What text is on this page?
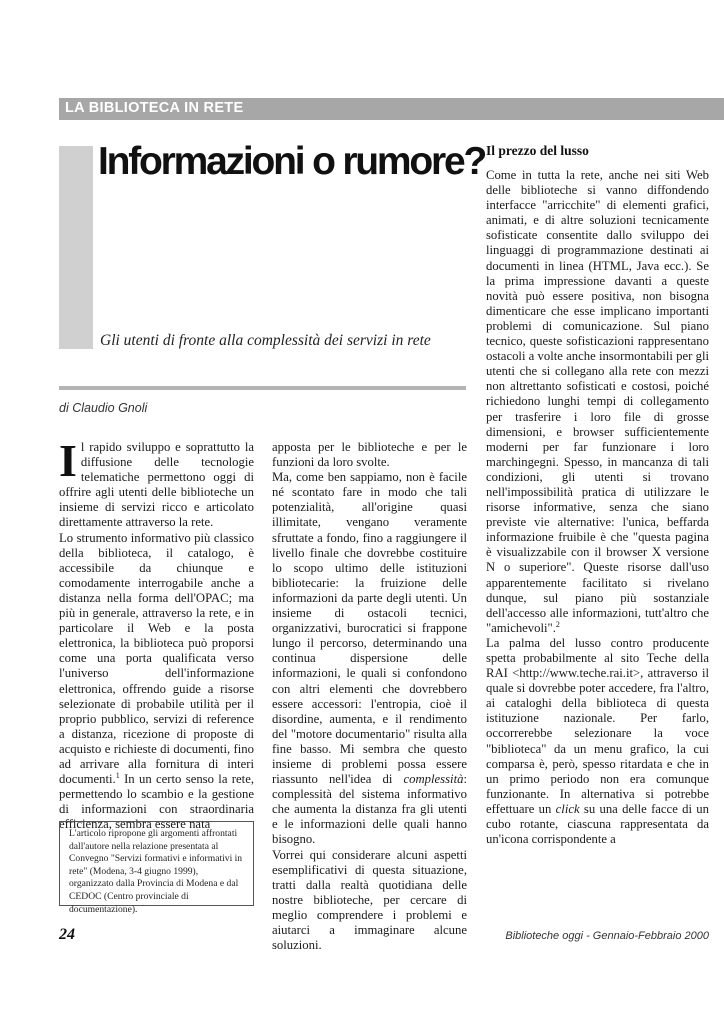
LA BIBLIOTECA IN RETE
Informazioni o rumore?
Gli utenti di fronte alla complessità dei servizi in rete
di Claudio Gnoli
Il prezzo del lusso

Il rapido sviluppo e soprattutto la diffusione delle tecnologie telematiche permettono oggi di offrire agli utenti delle biblioteche un insieme di servizi ricco e articolato direttamente attraverso la rete.

Lo strumento informativo più classico della biblioteca, il catalogo, è accessibile da chiunque e comodamente interrogabile anche a distanza nella forma dell'OPAC; ma più in generale, attraverso la rete, e in particolare il Web e la posta elettronica, la biblioteca può proporsi come una porta qualificata verso l'universo dell'informazione elettronica, offrendo guide a risorse selezionate di probabile utilità per il proprio pubblico, servizi di reference a distanza, ricezione di proposte di acquisto e richieste di documenti, fino ad arrivare alla fornitura di interi documenti.$^1$ In un certo senso la rete, permettendo lo scambio e la gestione di informazioni con straordinaria efficienza, sembra essere nata

L'articolo ripropone gli argomenti affrontati dall'autore nella relazione presentata al Convegno "Servizi formativi e informativi in rete" (Modena, 3-4 giugno 1999), organizzato dalla Provincia di Modena e dal CEDOC (Centro provinciale di documentazione).

apposta per le biblioteche e per le funzioni da loro svolte.

Ma, come ben sappiamo, non è facile né scontato fare in modo che tali potenzialità, all'origine quasi illimitate, vengano veramente sfruttate a fondo, fino a raggiungere il livello finale che dovrebbe costituire lo scopo ultimo delle istituzioni bibliotecarie: la fruizione delle informazioni da parte degli utenti. Un insieme di ostacoli tecnici, organizzativi, burocratici si frappone lungo il percorso, determinando una continua dispersione delle informazioni, le quali si confondono con altri elementi che dovrebbero essere accessori: l'entropia, cioè il disordine, aumenta, e il rendimento del "motore documentario" risulta alla fine basso. Mi sembra che questo insieme di problemi possa essere riassunto nell'idea di complessità: complessità del sistema informativo che aumenta la distanza fra gli utenti e le informazioni delle quali hanno bisogno.

Vorrei qui considerare alcuni aspetti esemplificativi di questa situazione, tratti dalla realtà quotidiana delle nostre biblioteche, per cercare di meglio comprendere i problemi e aiutarci a immaginare alcune soluzioni.

Come in tutta la rete, anche nei siti Web delle biblioteche si vanno diffondendo interfacce "arricchite" di elementi grafici, animati, e di altre soluzioni tecnicamente sofisticate consentite dallo sviluppo dei linguaggi di programmazione destinati ai documenti in linea (HTML, Java ecc.). Se la prima impressione davanti a queste novità può essere positiva, non bisogna dimenticare che esse implicano importanti problemi di comunicazione. Sul piano tecnico, queste sofisticazioni rappresentano ostacoli a volte anche insormontabili per gli utenti che si collegano alla rete con mezzi non altrettanto sofisticati e costosi, poiché richiedono lunghi tempi di collegamento per trasferire i loro file di grosse dimensioni, e browser sufficientemente moderni per far funzionare i loro marchingegni. Spesso, in mancanza di tali condizioni, gli utenti si trovano nell'impossibilità pratica di utilizzare le risorse informative, senza che siano previste vie alternative: l'unica, beffarda informazione fruibile è che "questa pagina è visualizzabile con il browser X versione N o superiore". Queste risorse dall'uso apparentemente facilitato si rivelano dunque, sul piano più sostanziale dell'accesso alle informazioni, tutt'altro che "amichevoli".$^2$

La palma del lusso contro producente spetta probabilmente al sito Teche della RAI <http://www.teche.rai.it>, attraverso il quale si dovrebbe poter accedere, fra l'altro, ai cataloghi della biblioteca di questa istituzione nazionale. Per farlo, occorrerebbe selezionare la voce "biblioteca" da un menu grafico, la cui comparsa è, però, spesso ritardata e che in un primo periodo non era comunque funzionante. In alternativa si potrebbe effettuare un click su una delle facce di un cubo rotante, ciascuna rappresentata da un'icona corrispondente a

24	Biblioteche oggi - Gennaio-Febbraio 2000
